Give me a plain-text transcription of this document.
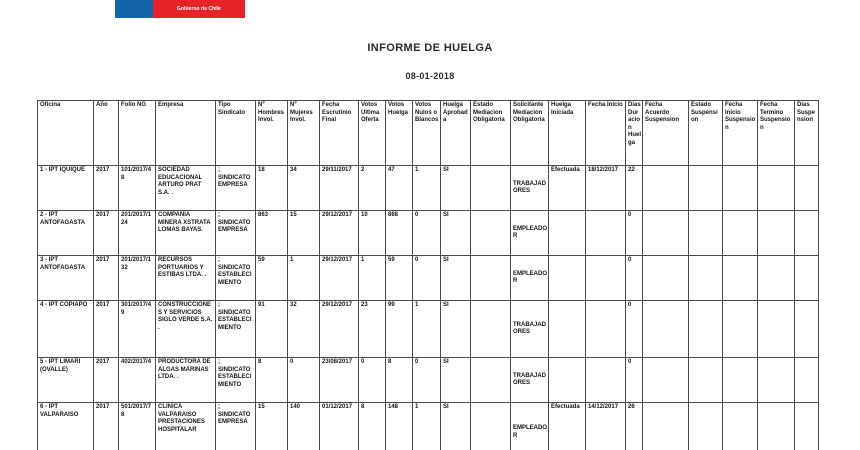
Gobierno de Chile
INFORME DE HUELGA
08-01-2018
Oficina	Año	Folio NG	Empresa	Tipo Sindicato	Nº Hombres Invol.	Nº Mujeres Invol.	Fecha Escrutinio Final	Votos Ultima Oferta	Votos Huelga	Votos Nulos o Blancos	Huelga Aprobada	Estado Mediacion Obligatoria	Solicitante Mediacion Obligatoria	Huelga Iniciada	Fecha Inicio	Dias Duracion Huelga	Fecha Acuerdo Suspension	Estado Suspension	Fecha Inicio Suspension	Fecha Termino Suspension	Dias Suspension
1 - IPT IQUIQUE	2017	101/2017/48	SOCIEDAD EDUCACIONAL ARTURO PRAT S.A. .	; SINDICATO EMPRESA	18	34	29/11/2017	2	47	1	SI		TRABAJADORES	Efectuada	18/12/2017	22					
2 - IPT ANTOFAGASTA	2017	201/2017/124	COMPAÑIA MINERA XSTRATA LOMAS BAYAS.	; SINDICATO EMPRESA	863	15	29/12/2017	10	868	0	SI		EMPLEADOR			0					
3 - IPT ANTOFAGASTA	2017	201/2017/132	RECURSOS PORTUARIOS Y ESTIBAS LTDA. .	; SINDICATO ESTABLECIMIENTO	59	1	29/12/2017	1	59	0	SI		EMPLEADOR			0					
4 - IPT COPIAPO	2017	301/2017/49	CONSTRUCCIONES Y SERVICIOS SIGLO VERDE S.A. .	; SINDICATO ESTABLECIMIENTO	91	32	29/12/2017	23	99	1	SI		TRABAJADORES			0					
5 - IPT LIMARI (OVALLE)	2017	402/2017/4	PRODUCTORA DE ALGAS MARINAS LTDA. .	; SINDICATO ESTABLECIMIENTO	8	0	23/08/2017	0	8	0	SI		TRABAJADORES			0					
6 - IPT VALPARAISO	2017	501/2017/78	CLINICA VALPARAISO PRESTACIONES HOSPITALAR	; SINDICATO EMPRESA	15	140	01/12/2017	8	148	1	SI		EMPLEADOR	Efectuada	14/12/2017	26					
